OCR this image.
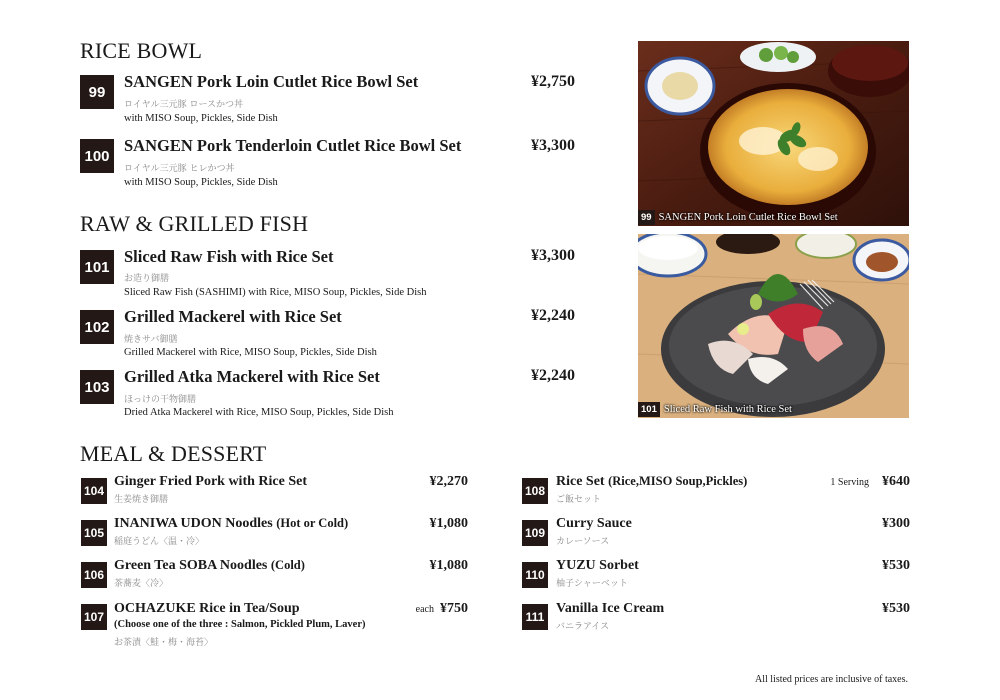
RICE BOWL
99
SANGEN Pork Loin Cutlet Rice Bowl Set
ロイヤル三元豚 ロースかつ丼
with MISO Soup, Pickles, Side Dish
¥2,750
100
SANGEN Pork Tenderloin Cutlet Rice Bowl Set
ロイヤル三元豚 ヒレかつ丼
with MISO Soup, Pickles, Side Dish
¥3,300
RAW & GRILLED FISH
101
Sliced Raw Fish with Rice Set
お造り御膳
Sliced Raw Fish (SASHIMI) with Rice, MISO Soup, Pickles, Side Dish
¥3,300
102
Grilled Mackerel with Rice Set
焼きサバ御膳
Grilled Mackerel with Rice, MISO Soup, Pickles, Side Dish
¥2,240
103
Grilled Atka Mackerel with Rice Set
ほっけの干物御膳
Dried Atka Mackerel with Rice, MISO Soup, Pickles, Side Dish
¥2,240
MEAL & DESSERT
104
Ginger Fried Pork with Rice Set
生姜焼き御膳
¥2,270
105
INANIWA UDON Noodles (Hot or Cold)
稲庭うどん〈温・冷〉
¥1,080
106
Green Tea SOBA Noodles (Cold)
茶蕎麦〈冷〉
¥1,080
107
OCHAZUKE Rice in Tea/Soup
(Choose one of the three : Salmon, Pickled Plum, Laver)
お茶漬〈鮭・梅・海苔〉
each ¥750
108
Rice Set (Rice,MISO Soup,Pickles)
ご飯セット
1 Serving ¥640
109
Curry Sauce
カレーソース
¥300
110
YUZU Sorbet
柚子シャーベット
¥530
111
Vanilla Ice Cream
バニラアイス
¥530
99 SANGEN Pork Loin Cutlet Rice Bowl Set
101 Sliced Raw Fish with Rice Set
All listed prices are inclusive of taxes.
